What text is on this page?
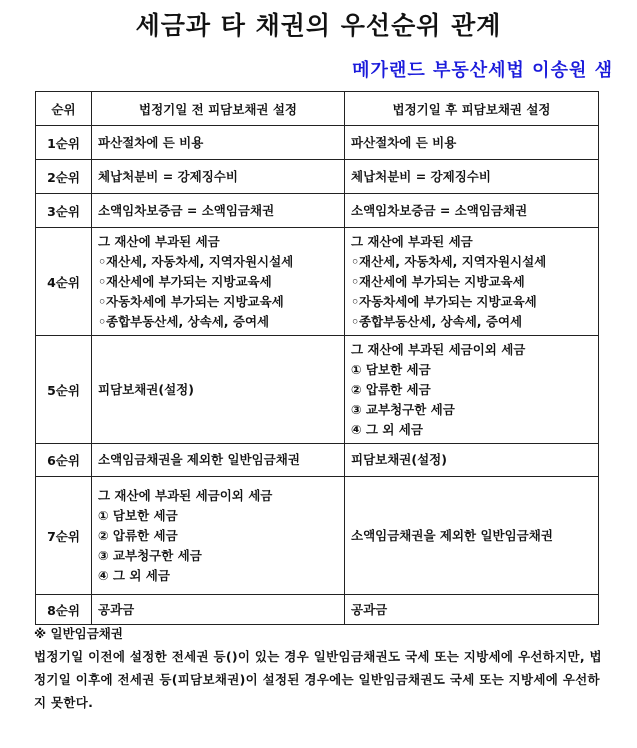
세금과 타 채권의 우선순위 관계
메가랜드 부동산세법 이송원 샘
순위	법정기일 전 피담보채권 설정	법정기일 후 피담보채권 설정
1순위	파산절차에 든 비용	파산절차에 든 비용

2순위	체납처분비 = 강제징수비	체납처분비 = 강제징수비

3순위	소액임차보증금 = 소액임금채권	소액임차보증금 = 소액임금채권

4순위	그 재산에 부과된 세금
◦재산세, 자동차세, 지역자원시설세
◦재산세에 부가되는 지방교육세
◦자동차세에 부가되는 지방교육세
◦종합부동산세, 상속세, 증여세	그 재산에 부과된 세금
◦재산세, 자동차세, 지역자원시설세
◦재산세에 부가되는 지방교육세
◦자동차세에 부가되는 지방교육세
◦종합부동산세, 상속세, 증여세

5순위	피담보채권(설정)	그 재산에 부과된 세금이외 세금
① 담보한 세금
② 압류한 세금
③ 교부청구한 세금
④ 그 외 세금

6순위	소액임금채권을 제외한 일반임금채권	피담보채권(설정)

7순위	그 재산에 부과된 세금이외 세금
① 담보한 세금
② 압류한 세금
③ 교부청구한 세금
④ 그 외 세금	소액임금채권을 제외한 일반임금채권

8순위	공과금	공과금
※ 일반임금채권
법정기일 이전에 설정한 전세권 등()이 있는 경우 일반임금채권도 국세 또는 지방세에 우선하지만, 법정기일 이후에 전세권 등(피담보채권)이 설정된 경우에는 일반임금채권도 국세 또는 지방세에 우선하지 못한다.
